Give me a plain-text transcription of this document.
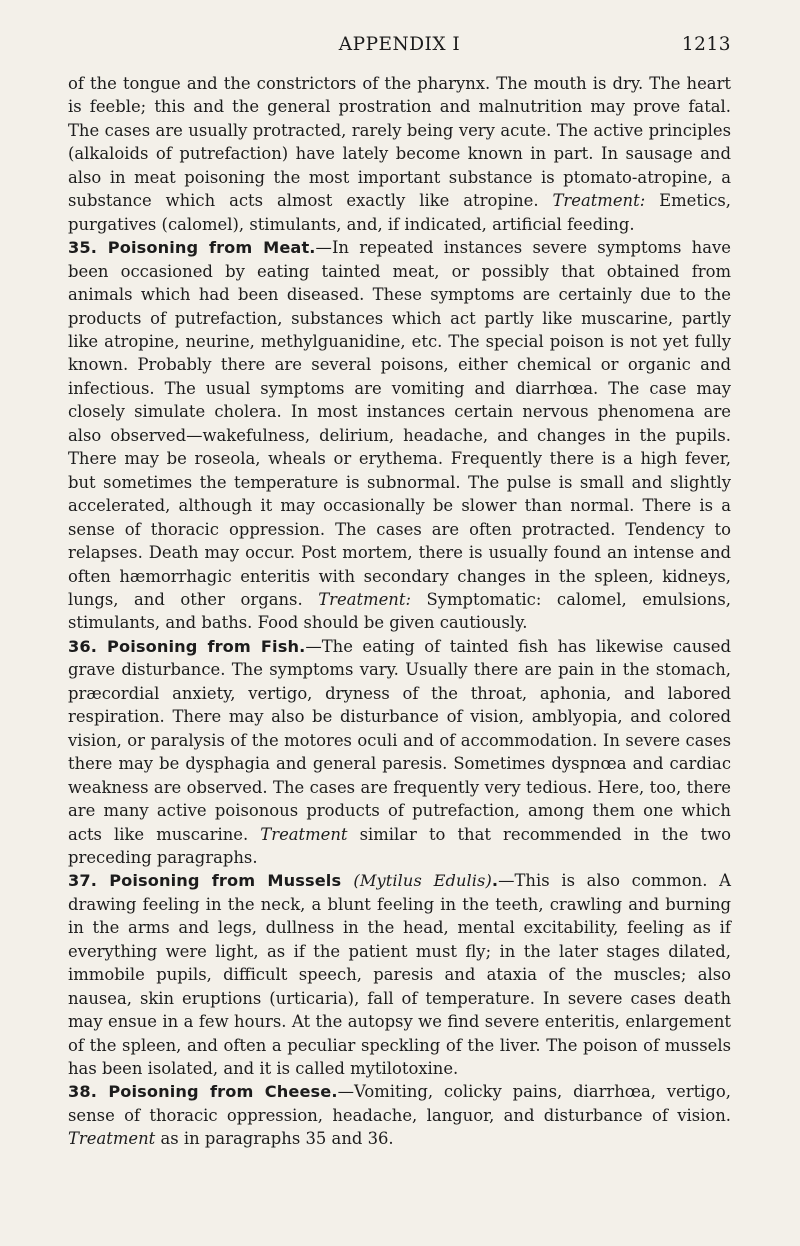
APPENDIX I	1213

of the tongue and the constrictors of the pharynx. The mouth is dry. The heart is feeble; this and the general prostration and malnutrition may prove fatal. The cases are usually protracted, rarely being very acute. The active principles (alkaloids of putrefaction) have lately become known in part. In sausage and also in meat poisoning the most important substance is ptomato-atropine, a substance which acts almost exactly like atropine. Treatment: Emetics, purgatives (calomel), stimulants, and, if indicated, artificial feeding.

35. Poisoning from Meat.—In repeated instances severe symptoms have been occasioned by eating tainted meat, or possibly that obtained from animals which had been diseased. These symptoms are certainly due to the products of putrefaction, substances which act partly like muscarine, partly like atropine, neurine, methylguanidine, etc. The special poison is not yet fully known. Probably there are several poisons, either chemical or organic and infectious. The usual symptoms are vomiting and diarrhœa. The case may closely simulate cholera. In most instances certain nervous phenomena are also observed—wakefulness, delirium, headache, and changes in the pupils. There may be roseola, wheals or erythema. Frequently there is a high fever, but sometimes the temperature is subnormal. The pulse is small and slightly accelerated, although it may occasionally be slower than normal. There is a sense of thoracic oppression. The cases are often protracted. Tendency to relapses. Death may occur. Post mortem, there is usually found an intense and often hæmorrhagic enteritis with secondary changes in the spleen, kidneys, lungs, and other organs. Treatment: Symptomatic: calomel, emulsions, stimulants, and baths. Food should be given cautiously.

36. Poisoning from Fish.—The eating of tainted fish has likewise caused grave disturbance. The symptoms vary. Usually there are pain in the stomach, præcordial anxiety, vertigo, dryness of the throat, aphonia, and labored respiration. There may also be disturbance of vision, amblyopia, and colored vision, or paralysis of the motores oculi and of accommodation. In severe cases there may be dysphagia and general paresis. Sometimes dyspnœa and cardiac weakness are observed. The cases are frequently very tedious. Here, too, there are many active poisonous products of putrefaction, among them one which acts like muscarine. Treatment similar to that recommended in the two preceding paragraphs.

37. Poisoning from Mussels (Mytilus Edulis).—This is also common. A drawing feeling in the neck, a blunt feeling in the teeth, crawling and burning in the arms and legs, dullness in the head, mental excitability, feeling as if everything were light, as if the patient must fly; in the later stages dilated, immobile pupils, difficult speech, paresis and ataxia of the muscles; also nausea, skin eruptions (urticaria), fall of temperature. In severe cases death may ensue in a few hours. At the autopsy we find severe enteritis, enlargement of the spleen, and often a peculiar speckling of the liver. The poison of mussels has been isolated, and it is called mytilotoxine.

38. Poisoning from Cheese.—Vomiting, colicky pains, diarrhœa, vertigo, sense of thoracic oppression, headache, languor, and disturbance of vision. Treatment as in paragraphs 35 and 36.
